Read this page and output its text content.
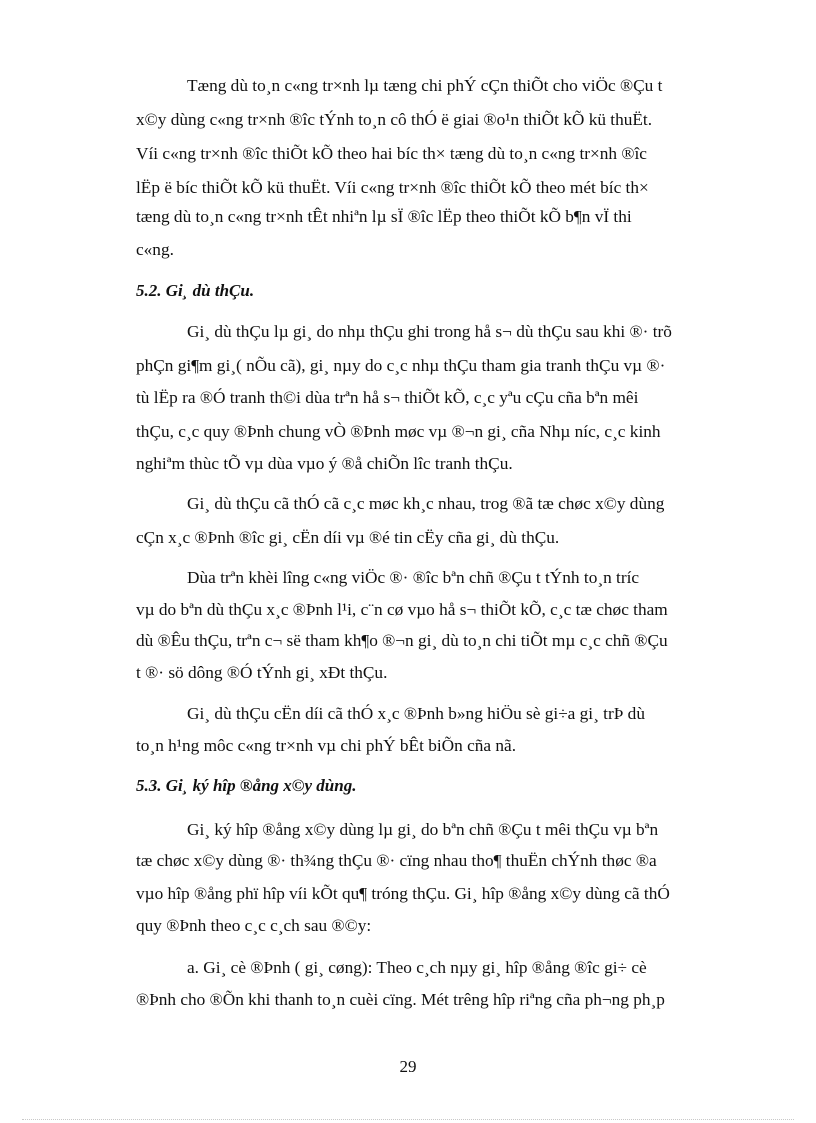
Tæng dù to¸n c«ng tr×nh lµ tæng chi phÝ cÇn thiÕt cho viÖc ®Çu t
x©y dùng c«ng tr×nh ®îc tÝnh to¸n cô thÓ ë giai ®o¹n thiÕt kÕ kü thuËt.
Víi c«ng tr×nh ®îc thiÕt kÕ theo hai bíc th× tæng dù to¸n c«ng tr×nh ®îc
lËp ë bíc thiÕt kÕ kü thuËt. Víi c«ng tr×nh ®îc thiÕt kÕ theo mét bíc th×
tæng dù to¸n c«ng tr×nh tÊt nhiªn lµ sÏ ®îc lËp theo thiÕt kÕ b¶n vÏ thi
c«ng.
5.2. Gi¸ dù thÇu.
Gi¸ dù thÇu lµ gi¸ do nhµ thÇu ghi trong hå s¬ dù thÇu sau khi ®· trõ
phÇn gi¶m gi¸( nÕu cã), gi¸ nµy do c¸c nhµ thÇu tham gia tranh thÇu vµ ®·
tù lËp ra ®Ó tranh th©i dùa trªn hå s¬ thiÕt kÕ, c¸c yªu cÇu cña bªn mêi
thÇu, c¸c quy ®Þnh chung vÒ ®Þnh møc vµ ®¬n gi¸ cña Nhµ níc, c¸c kinh
nghiªm thùc tÕ vµ dùa vµo ý ®å chiÕn lîc tranh thÇu.
Gi¸ dù thÇu cã thÓ cã c¸c møc kh¸c nhau, trog ®ã tæ chøc x©y dùng
cÇn x¸c ®Þnh ®îc gi¸ cËn díi vµ ®é tin cËy cña gi¸ dù thÇu.
Dùa trªn khèi lîng c«ng viÖc ®· ®îc bªn chñ ®Çu t tÝnh to¸n tríc
vµ do bªn dù thÇu x¸c ®Þnh l¹i, c¨n cø vµo hå s¬ thiÕt kÕ, c¸c tæ chøc tham
dù ®Êu thÇu, trªn c¬ së tham kh¶o ®¬n gi¸ dù to¸n chi tiÕt mµ c¸c chñ ®Çu
t ®· sö dông ®Ó tÝnh gi¸ xÐt thÇu.
Gi¸ dù thÇu cËn díi cã thÓ x¸c ®Þnh b»ng hiÖu sè gi÷a gi¸ trÞ dù
to¸n h¹ng môc c«ng tr×nh vµ chi phÝ bÊt biÕn cña nã.
5.3. Gi¸ ký hîp ®ång x©y dùng.
Gi¸ ký hîp ®ång x©y dùng lµ gi¸ do bªn chñ ®Çu t mêi thÇu vµ bªn
tæ chøc x©y dùng ®· th¾ng thÇu ®· cïng nhau tho¶ thuËn chÝnh thøc ®a
vµo hîp ®ång phï hîp víi kÕt qu¶ tróng thÇu. Gi¸ hîp ®ång x©y dùng cã thÓ
quy ®Þnh theo c¸c c¸ch sau ®©y:
a. Gi¸ cè ®Þnh ( gi¸ cøng): Theo c¸ch nµy gi¸ hîp ®ång ®îc gi÷ cè
®Þnh cho ®Õn khi thanh to¸n cuèi cïng. Mét trêng hîp riªng cña ph¬ng ph¸p
29
